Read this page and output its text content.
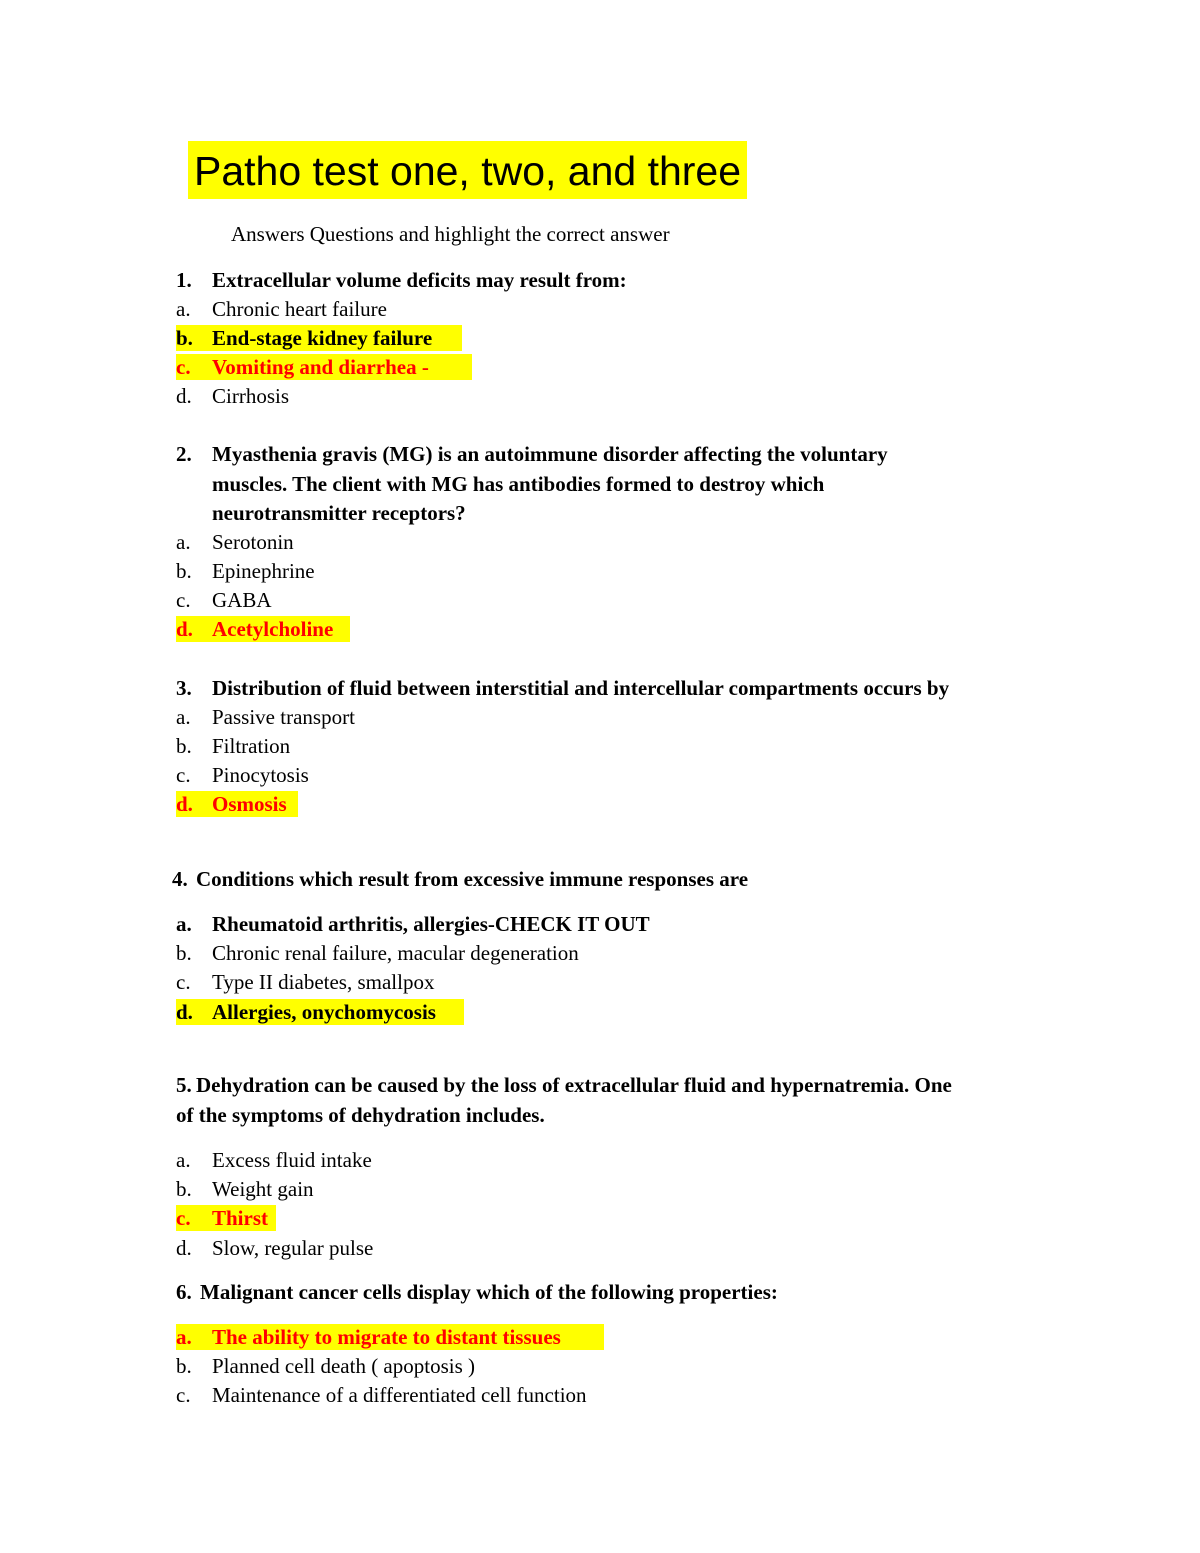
Patho test one, two, and three
Answers Questions and highlight the correct answer
1. Extracellular volume deficits may result from:
a. Chronic heart failure
b. End-stage kidney failure
c. Vomiting and diarrhea -
d. Cirrhosis
2. Myasthenia gravis (MG) is an autoimmune disorder affecting the voluntary
muscles. The client with MG has antibodies formed to destroy which
neurotransmitter receptors?
a. Serotonin
b. Epinephrine
c. GABA
d. Acetylcholine
3. Distribution of fluid between interstitial and intercellular compartments occurs by
a. Passive transport
b. Filtration
c. Pinocytosis
d. Osmosis
4. Conditions which result from excessive immune responses are
a. Rheumatoid arthritis, allergies-CHECK IT OUT
b. Chronic renal failure, macular degeneration
c. Type II diabetes, smallpox
d. Allergies, onychomycosis
5. Dehydration can be caused by the loss of extracellular fluid and hypernatremia. One
of the symptoms of dehydration includes.
a. Excess fluid intake
b. Weight gain
c. Thirst
d. Slow, regular pulse
6. Malignant cancer cells display which of the following properties:
a. The ability to migrate to distant tissues
b. Planned cell death ( apoptosis )
c. Maintenance of a differentiated cell function
